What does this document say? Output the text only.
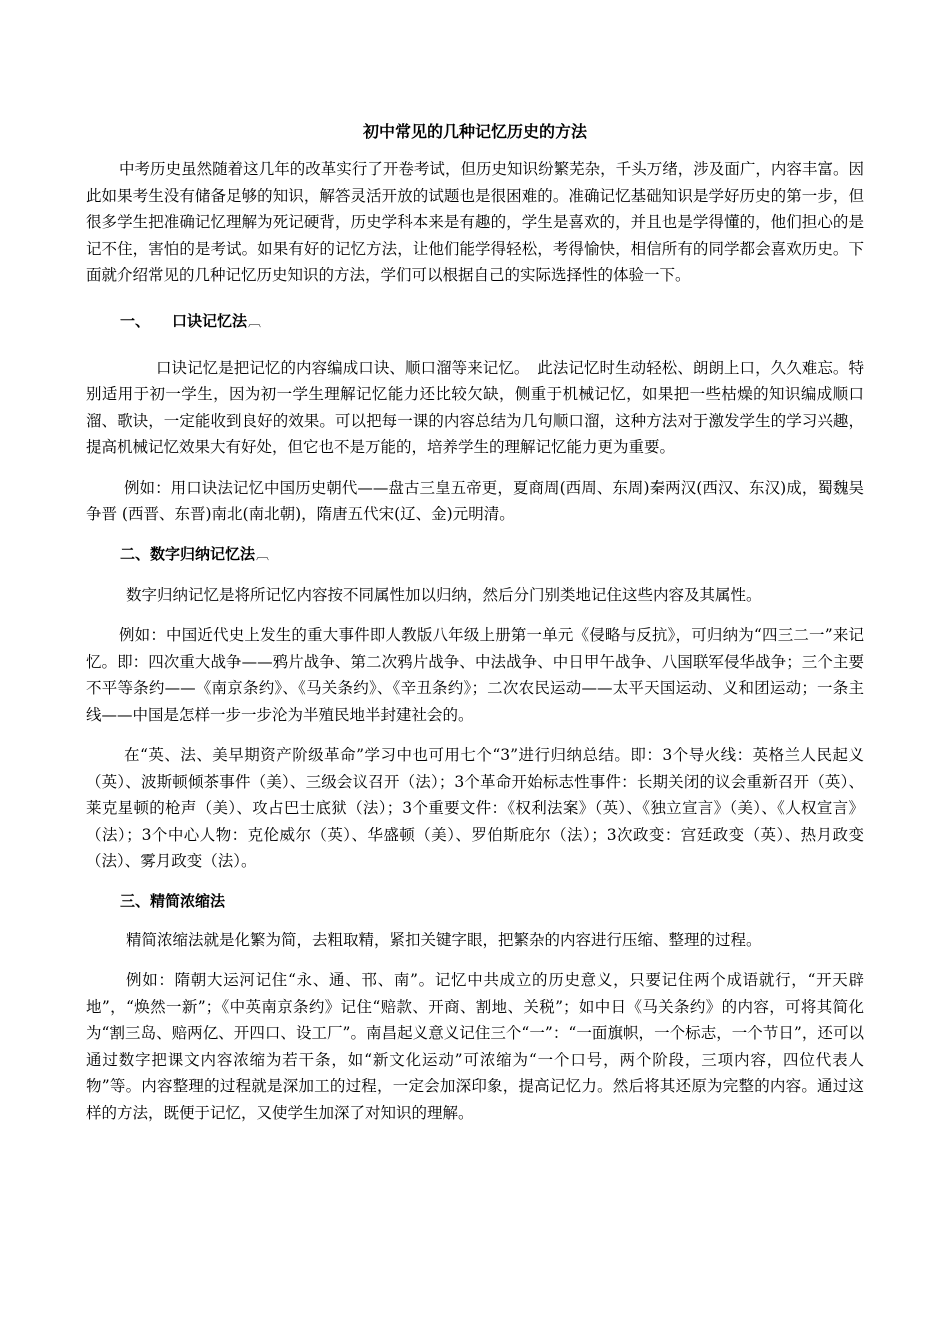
初中常见的几种记忆历史的方法

中考历史虽然随着这几年的改革实行了开卷考试，但历史知识纷繁芜杂，千头万绪，涉及面广，内容丰富。因此如果考生没有储备足够的知识，解答灵活开放的试题也是很困难的。准确记忆基础知识是学好历史的第一步，但很多学生把准确记忆理解为死记硬背，历史学科本来是有趣的，学生是喜欢的，并且也是学得懂的，他们担心的是记不住，害怕的是考试。如果有好的记忆方法，让他们能学得轻松，考得愉快，相信所有的同学都会喜欢历史。下面就介绍常见的几种记忆历史知识的方法，学们可以根据自己的实际选择性的体验一下。

一、 口诀记忆法︹

口诀记忆是把记忆的内容编成口诀、顺口溜等来记忆。　此法记忆时生动轻松、朗朗上口，久久难忘。特别适用于初一学生，因为初一学生理解记忆能力还比较欠缺，侧重于机械记忆，如果把一些枯燥的知识编成顺口溜、歌诀，一定能收到良好的效果。可以把每一课的内容总结为几句顺口溜，这种方法对于激发学生的学习兴趣，提高机械记忆效果大有好处，但它也不是万能的，培养学生的理解记忆能力更为重要。

例如：用口诀法记忆中国历史朝代——盘古三皇五帝更，夏商周(西周、东周)秦两汉(西汉、东汉)成，蜀魏吴争晋 (西晋、东晋)南北(南北朝)，隋唐五代宋(辽、金)元明清。

二、数字归纳记忆法︹

数字归纳记忆是将所记忆内容按不同属性加以归纳，然后分门别类地记住这些内容及其属性。

例如：中国近代史上发生的重大事件即人教版八年级上册第一单元《侵略与反抗》，可归纳为“四三二一”来记忆。即：四次重大战争——鸦片战争、第二次鸦片战争、中法战争、中日甲午战争、八国联军侵华战争；三个主要不平等条约——《南京条约》、《马关条约》、《辛丑条约》；二次农民运动——太平天国运动、义和团运动；一条主线——中国是怎样一步一步沦为半殖民地半封建社会的。

在“英、法、美早期资产阶级革命”学习中也可用七个“3”进行归纳总结。即：3个导火线：英格兰人民起义（英）、波斯顿倾茶事件（美）、三级会议召开（法）；3个革命开始标志性事件：长期关闭的议会重新召开（英）、莱克星顿的枪声（美）、攻占巴士底狱（法）；3个重要文件：《权利法案》（英）、《独立宣言》（美）、《人权宣言》（法）；3个中心人物：克伦威尔（英）、华盛顿（美）、罗伯斯庇尔（法）；3次政变：宫廷政变（英）、热月政变（法）、雾月政变（法）。

三、精简浓缩法

精简浓缩法就是化繁为简，去粗取精，紧扣关键字眼，把繁杂的内容进行压缩、整理的过程。

例如：隋朝大运河记住“永、通、邗、南”。记忆中共成立的历史意义，只要记住两个成语就行，“开天辟地”，“焕然一新”；《中英南京条约》记住“赔款、开商、割地、关税”；如中日《马关条约》的内容，可将其简化为“割三岛、赔两亿、开四口、设工厂”。南昌起义意义记住三个“一”：“一面旗帜，一个标志，一个节日”，还可以通过数字把课文内容浓缩为若干条，如“新文化运动”可浓缩为“一个口号，两个阶段，三项内容，四位代表人物”等。内容整理的过程就是深加工的过程，一定会加深印象，提高记忆力。然后将其还原为完整的内容。通过这样的方法，既便于记忆，又使学生加深了对知识的理解。
